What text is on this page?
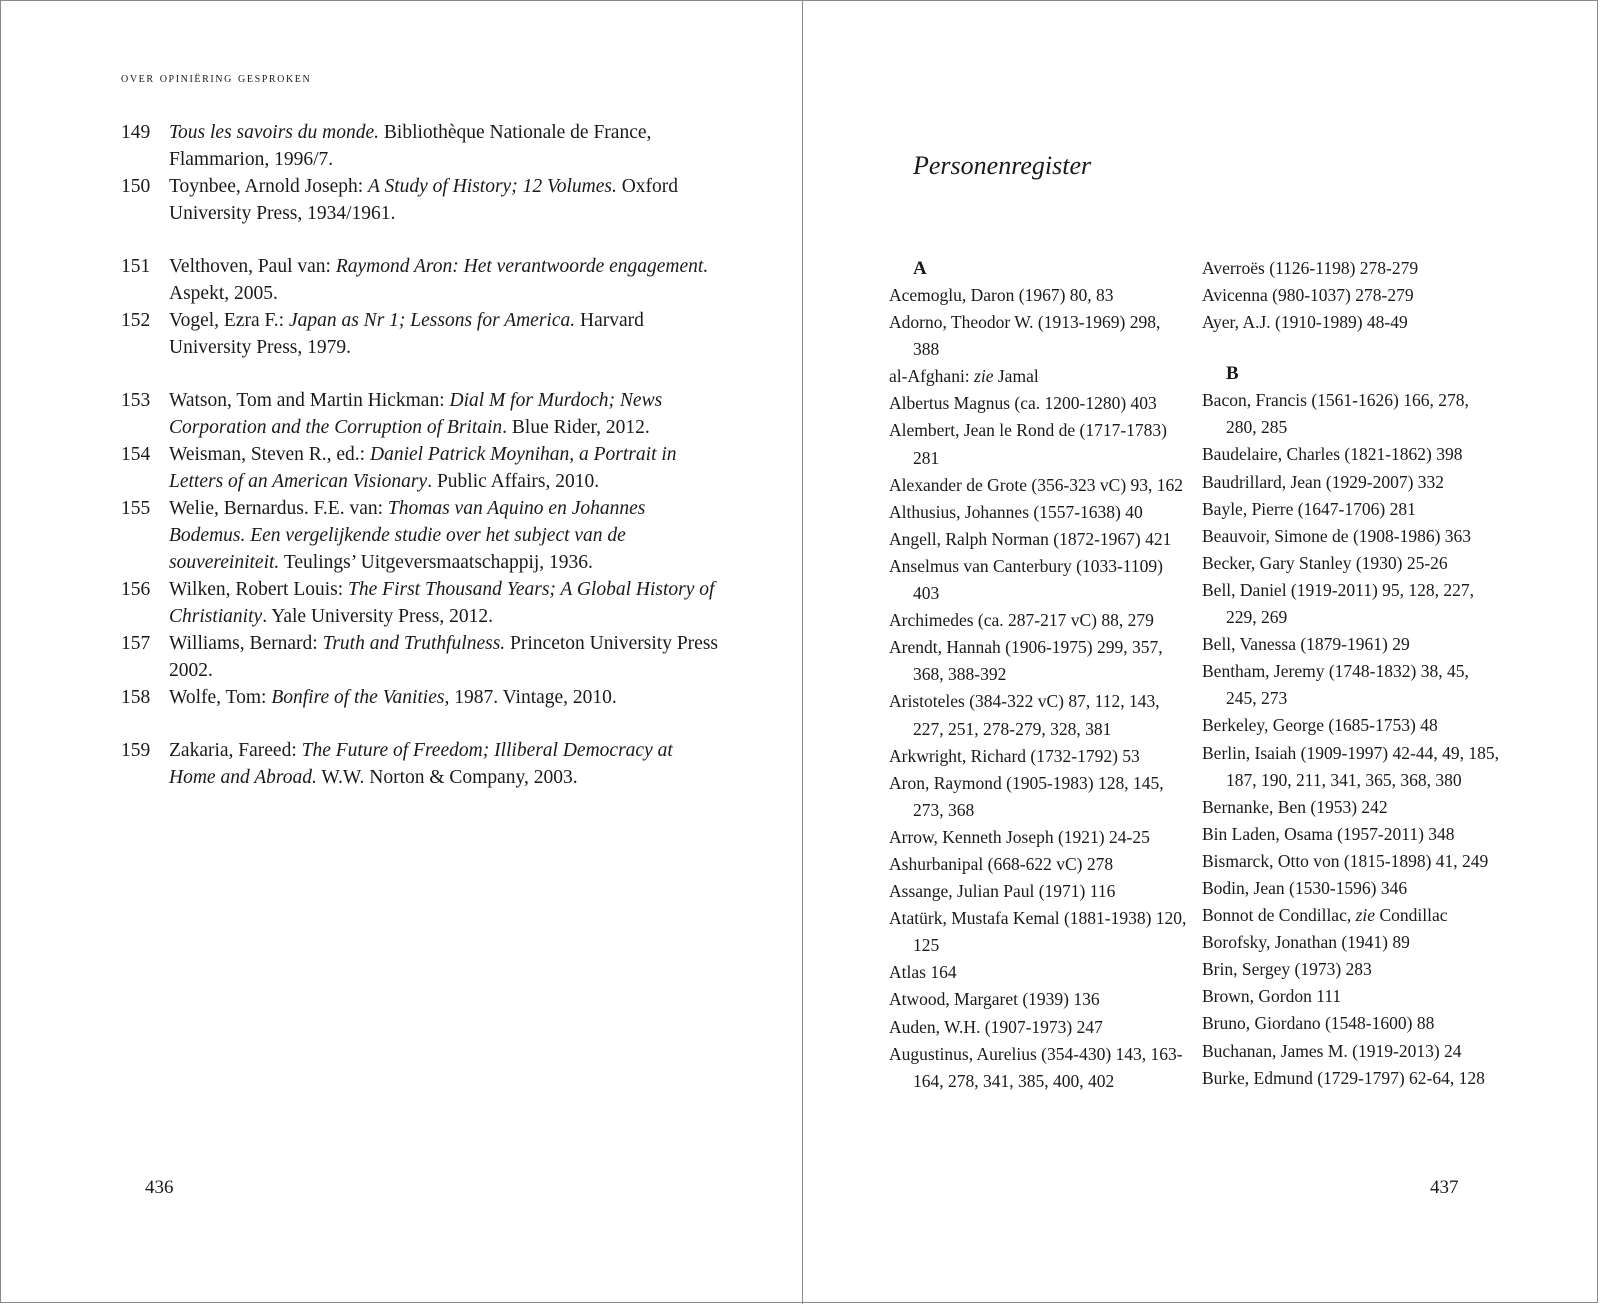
over opiniëring gesproken
149 Tous les savoirs du monde. Bibliothèque Nationale de France, Flammarion, 1996/7.
150 Toynbee, Arnold Joseph: A Study of History; 12 Volumes. Oxford University Press, 1934/1961.
151 Velthoven, Paul van: Raymond Aron: Het verantwoorde engagement. Aspekt, 2005.
152 Vogel, Ezra F.: Japan as Nr 1; Lessons for America. Harvard University Press, 1979.
153 Watson, Tom and Martin Hickman: Dial M for Murdoch; News Corporation and the Corruption of Britain. Blue Rider, 2012.
154 Weisman, Steven R., ed.: Daniel Patrick Moynihan, a Portrait in Letters of an American Visionary. Public Affairs, 2010.
155 Welie, Bernardus. F.E. van: Thomas van Aquino en Johannes Bodemus. Een vergelijkende studie over het subject van de souvereiniteit. Teulings’ Uitgeversmaatschappij, 1936.
156 Wilken, Robert Louis: The First Thousand Years; A Global History of Christianity. Yale University Press, 2012.
157 Williams, Bernard: Truth and Truthfulness. Princeton University Press 2002.
158 Wolfe, Tom: Bonfire of the Vanities, 1987. Vintage, 2010.
159 Zakaria, Fareed: The Future of Freedom; Illiberal Democracy at Home and Abroad. W.W. Norton & Company, 2003.
436
Personenregister
A
Acemoglu, Daron (1967) 80, 83
Adorno, Theodor W. (1913-1969) 298, 388
al-Afghani: zie Jamal
Albertus Magnus (ca. 1200-1280) 403
Alembert, Jean le Rond de (1717-1783) 281
Alexander de Grote (356-323 vC) 93, 162
Althusius, Johannes (1557-1638) 40
Angell, Ralph Norman (1872-1967) 421
Anselmus van Canterbury (1033-1109) 403
Archimedes (ca. 287-217 vC) 88, 279
Arendt, Hannah (1906-1975) 299, 357, 368, 388-392
Aristoteles (384-322 vC) 87, 112, 143, 227, 251, 278-279, 328, 381
Arkwright, Richard (1732-1792) 53
Aron, Raymond (1905-1983) 128, 145, 273, 368
Arrow, Kenneth Joseph (1921) 24-25
Ashurbanipal (668-622 vC) 278
Assange, Julian Paul (1971) 116
Atatürk, Mustafa Kemal (1881-1938) 120, 125
Atlas 164
Atwood, Margaret (1939) 136
Auden, W.H. (1907-1973) 247
Augustinus, Aurelius (354-430) 143, 163-164, 278, 341, 385, 400, 402
Averroës (1126-1198) 278-279
Avicenna (980-1037) 278-279
Ayer, A.J. (1910-1989) 48-49
B
Bacon, Francis (1561-1626) 166, 278, 280, 285
Baudelaire, Charles (1821-1862) 398
Baudrillard, Jean (1929-2007) 332
Bayle, Pierre (1647-1706) 281
Beauvoir, Simone de (1908-1986) 363
Becker, Gary Stanley (1930) 25-26
Bell, Daniel (1919-2011) 95, 128, 227, 229, 269
Bell, Vanessa (1879-1961) 29
Bentham, Jeremy (1748-1832) 38, 45, 245, 273
Berkeley, George (1685-1753) 48
Berlin, Isaiah (1909-1997) 42-44, 49, 185, 187, 190, 211, 341, 365, 368, 380
Bernanke, Ben (1953) 242
Bin Laden, Osama (1957-2011) 348
Bismarck, Otto von (1815-1898) 41, 249
Bodin, Jean (1530-1596) 346
Bonnot de Condillac, zie Condillac
Borofsky, Jonathan (1941) 89
Brin, Sergey (1973) 283
Brown, Gordon 111
Bruno, Giordano (1548-1600) 88
Buchanan, James M. (1919-2013) 24
Burke, Edmund (1729-1797) 62-64, 128
437
